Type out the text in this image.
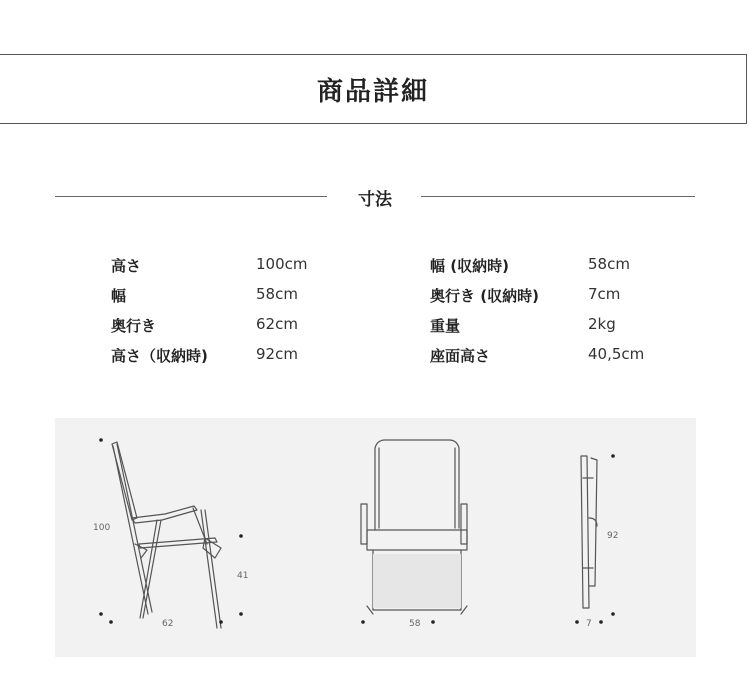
商品詳細
寸法
高さ	100cm
幅	58cm
奥行き	62cm
高さ（収納時)	92cm
幅 (収納時)	58cm
奥行き (収納時)	7cm
重量	2kg
座面高さ	40,5cm
100
41
62	58
92
7
